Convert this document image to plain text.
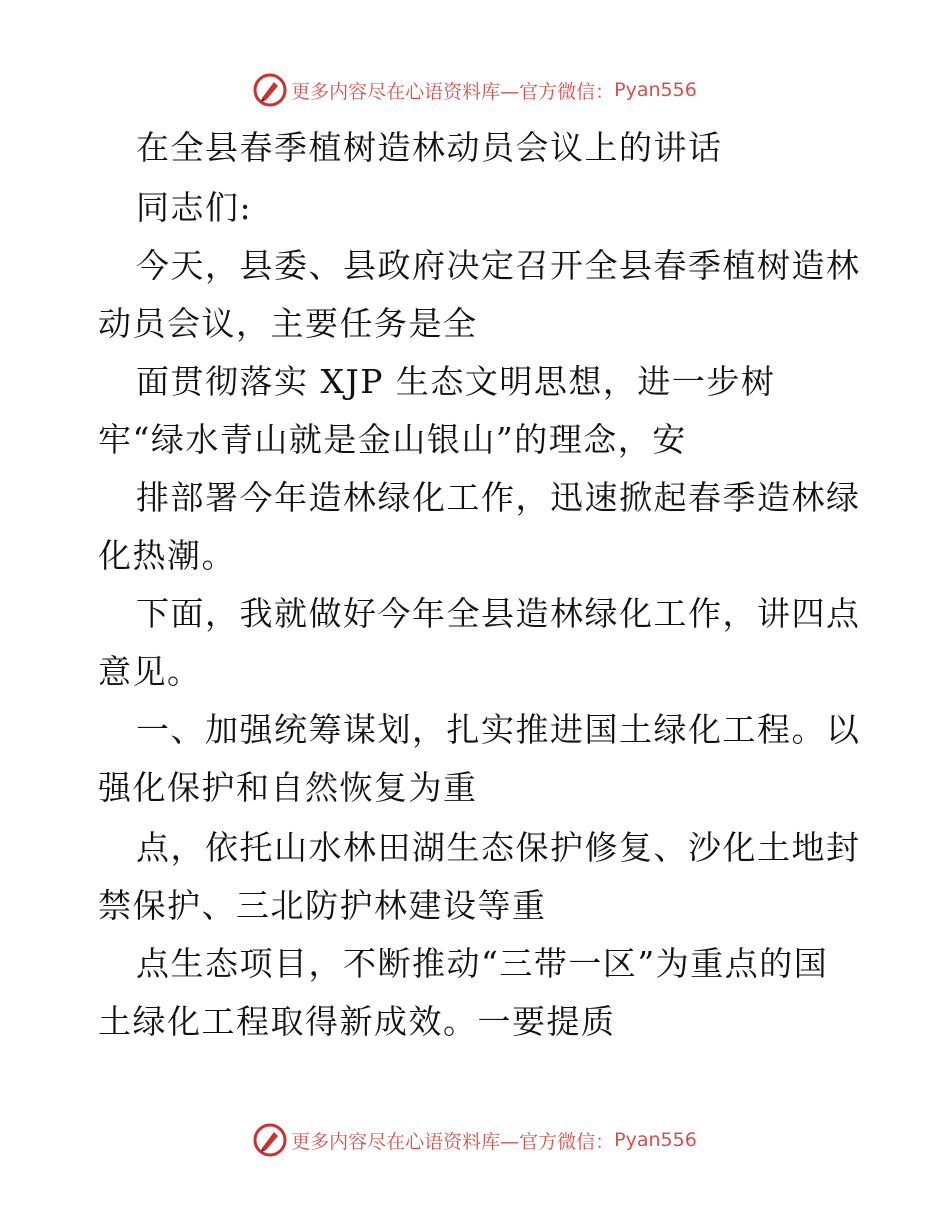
更多内容尽在心语资料库—官方微信： Pyan556
在全县春季植树造林动员会议上的讲话
同志们:
今天，县委、县政府决定召开全县春季植树造林
动员会议，主要任务是全
面贯彻落实 XJP 生态文明思想，进一步树
牢“绿水青山就是金山银山”的理念，安
排部署今年造林绿化工作，迅速掀起春季造林绿
化热潮。
下面，我就做好今年全县造林绿化工作，讲四点
意见。
一、加强统筹谋划，扎实推进国土绿化工程。以
强化保护和自然恢复为重
点，依托山水林田湖生态保护修复、沙化土地封
禁保护、三北防护林建设等重
点生态项目，不断推动“三带一区”为重点的国
土绿化工程取得新成效。一要提质
更多内容尽在心语资料库—官方微信： Pyan556
